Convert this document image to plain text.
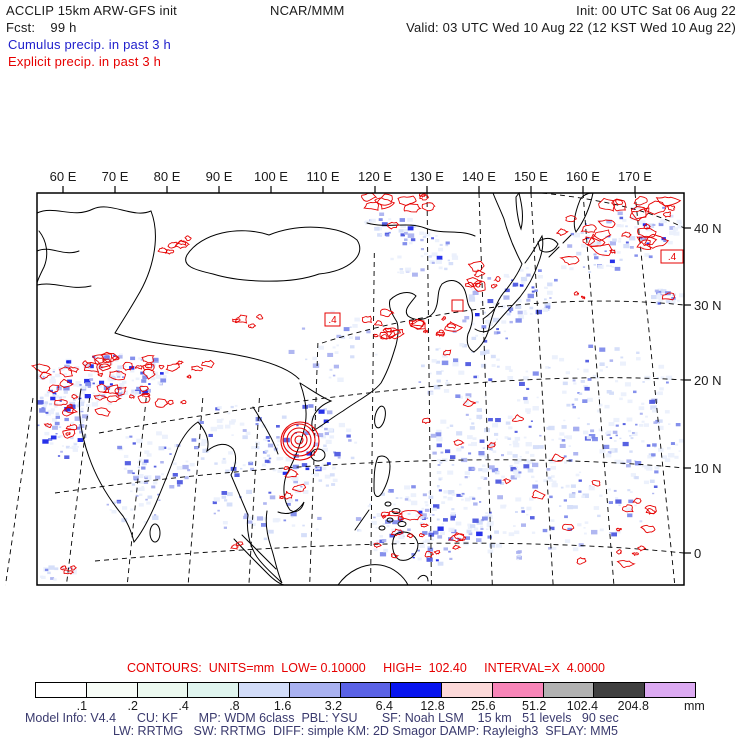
ACCLIP 15km ARW-GFS init	NCAR/MMM	Init: 00 UTC Sat 06 Aug 22
Fcst:    99 h	Valid: 03 UTC Wed 10 Aug 22 (12 KST Wed 10 Aug 22)
Cumulus precip. in past 3 h
Explicit precip. in past 3 h
60 E 70 E 80 E 90 E 100 E 110 E 120 E 130 E 140 E 150 E 160 E 170 E
40 N
30 N
20 N
10 N
0
.4
.4
CONTOURS:  UNITS=mm  LOW= 0.10000     HIGH=  102.40     INTERVAL=X  4.0000
.1	.2	.4	.8	1.6	3.2	6.4 12.8 25.6 51.2 102.4 204.8	mm
Model Info: V4.4      CU: KF      MP: WDM 6class  PBL: YSU       SF: Noah LSM    15 km   51 levels   90 sec
LW: RRTMG   SW: RRTMG  DIFF: simple KM: 2D Smagor DAMP: Rayleigh3  SFLAY: MM5
